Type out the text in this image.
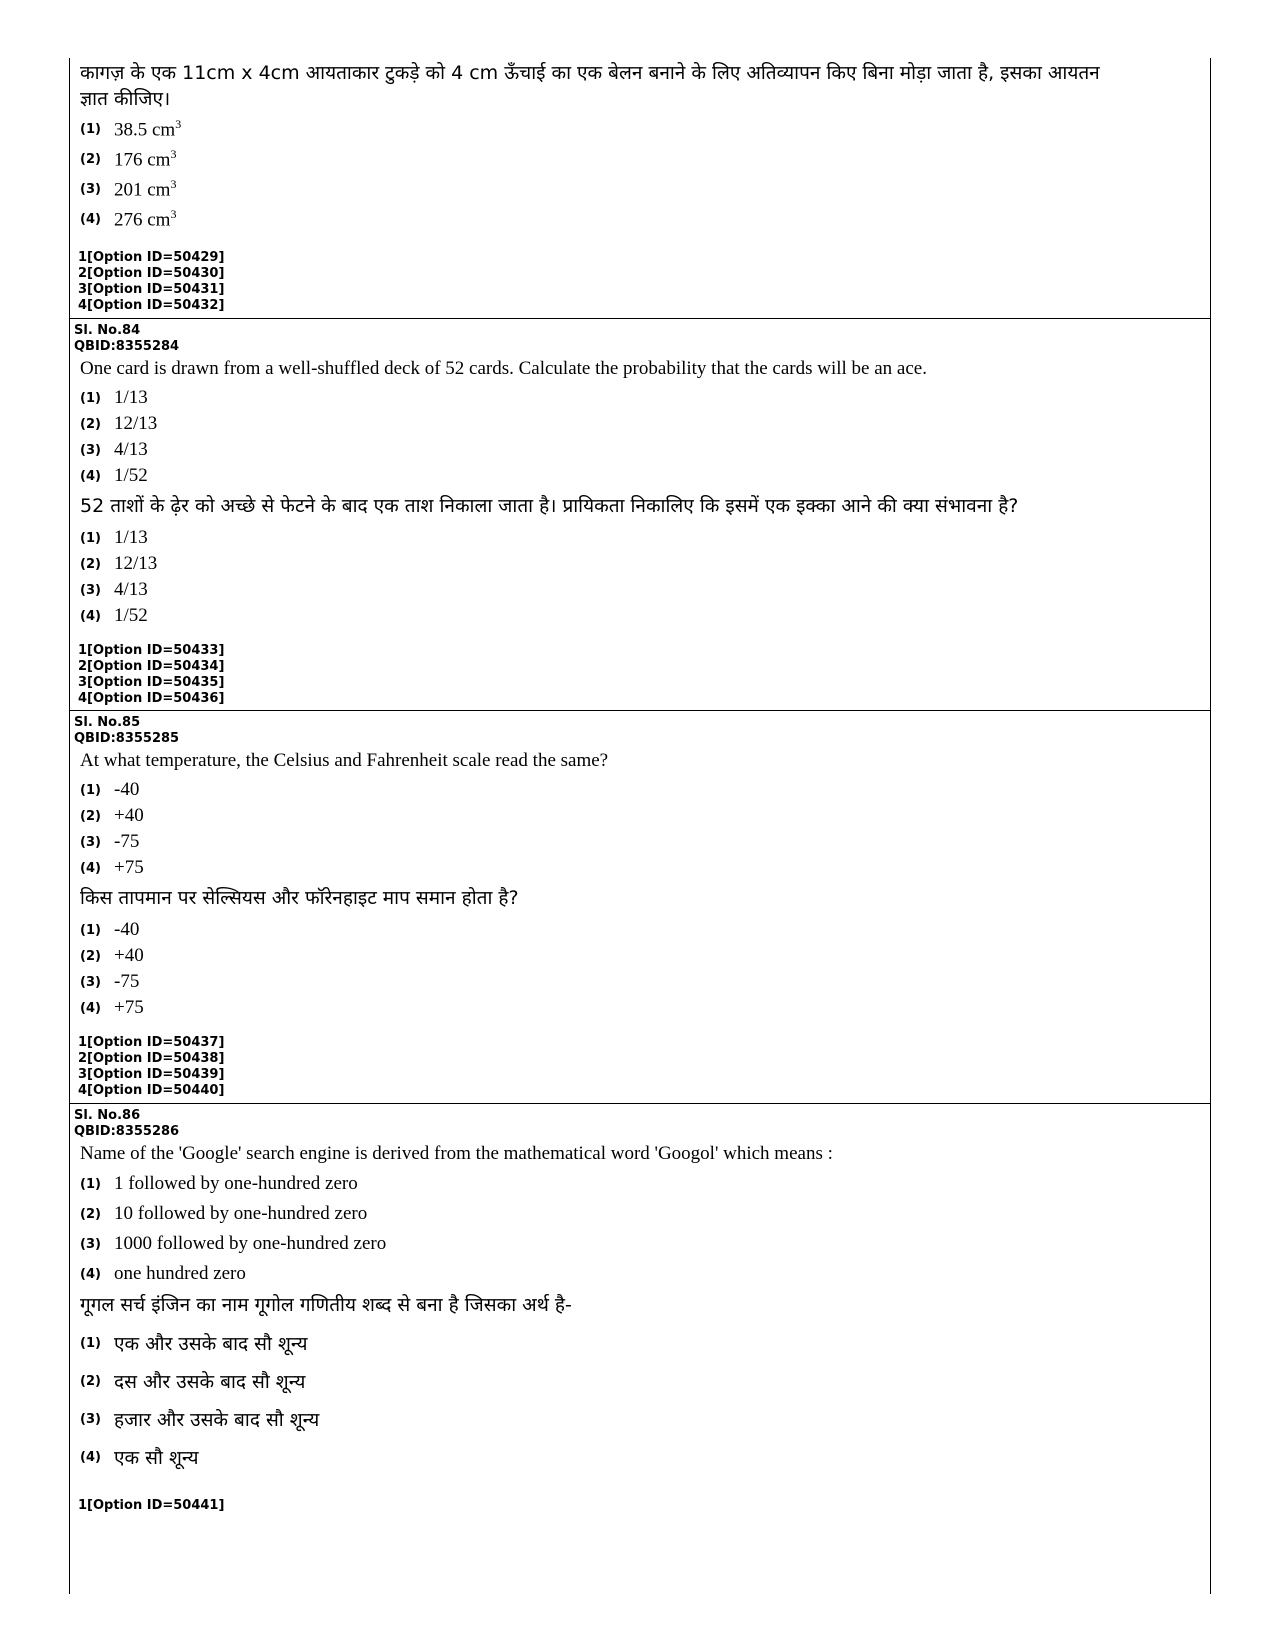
कागज़ के एक 11cm x 4cm आयताकार टुकड़े को 4 cm ऊँचाई का एक बेलन बनाने के लिए अतिव्यापन किए बिना मोड़ा जाता है, इसका आयतन
ज्ञात कीजिए।
(1) 38.5 $cm^3$
(2) 176 $cm^3$
(3) 201 $cm^3$
(4) 276 $cm^3$
1[Option ID=50429]
2[Option ID=50430]
3[Option ID=50431]
4[Option ID=50432]
Sl. No.84
QBID:8355284
One card is drawn from a well-shuffled deck of 52 cards. Calculate the probability that the cards will be an ace.
(1) 1/13
(2) 12/13
(3) 4/13
(4) 1/52
52 ताशों के ढ़ेर को अच्छे से फेटने के बाद एक ताश निकाला जाता है। प्रायिकता निकालिए कि इसमें एक इक्का आने की क्या संभावना है?
(1) 1/13
(2) 12/13
(3) 4/13
(4) 1/52
1[Option ID=50433]
2[Option ID=50434]
3[Option ID=50435]
4[Option ID=50436]
Sl. No.85
QBID:8355285
At what temperature, the Celsius and Fahrenheit scale read the same?
(1) -40
(2) +40
(3) -75
(4) +75
किस तापमान पर सेल्सियस और फॉरेनहाइट माप समान होता है?
(1) -40
(2) +40
(3) -75
(4) +75
1[Option ID=50437]
2[Option ID=50438]
3[Option ID=50439]
4[Option ID=50440]
Sl. No.86
QBID:8355286
Name of the 'Google' search engine is derived from the mathematical word 'Googol' which means :
(1) 1 followed by one-hundred zero
(2) 10 followed by one-hundred zero
(3) 1000 followed by one-hundred zero
(4) one hundred zero
गूगल सर्च इंजिन का नाम गूगोल गणितीय शब्द से बना है जिसका अर्थ है-
(1) एक और उसके बाद सौ शून्य
(2) दस और उसके बाद सौ शून्य
(3) हजार और उसके बाद सौ शून्य
(4) एक सौ शून्य
1[Option ID=50441]
